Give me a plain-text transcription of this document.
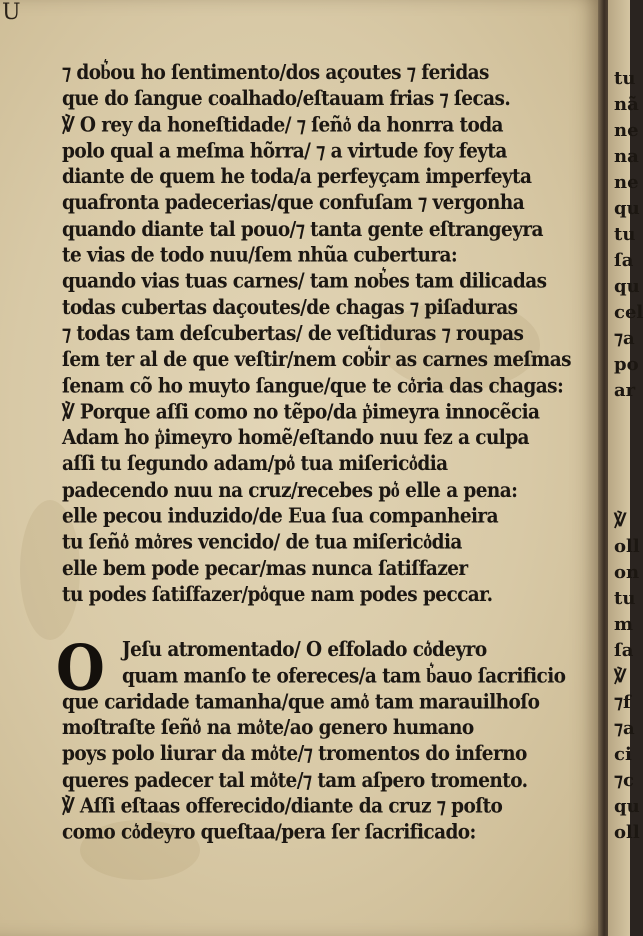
U
⁊ dob͛ou ho ſentimento/dos açoutes ⁊ feridas
que do ſangue coalhado/eſtauam frias ⁊ ſecas.
℣ O rey da honeſtidade/ ⁊ ſeño͛ da honrra toda
polo qual a meſma hõrra/ ⁊ a virtude foy feyta
diante de quem he toda/a perfeyçam imperfeyta
quafronta padecerias/que confuſam ⁊ vergonha
quando diante tal pouo/⁊ tanta gente eſtrangeyra
te vias de todo nuu/ſem nhũa cubertura:
quando vias tuas carnes/ tam nob͛es tam dilicadas
todas cubertas daçoutes/de chagas ⁊ piſaduras
⁊ todas tam deſcubertas/ de veſtiduras ⁊ roupas
ſem ter al de que veſtir/nem cob͛ir as carnes meſmas
ſenam cõ ho muyto ſangue/que te co͛ria das chagas:
℣ Porque aſſi como no tẽpo/da p͛imeyra innocẽcia
Adam ho p͛imeyro homẽ/eſtando nuu fez a culpa
aſſi tu ſegundo adam/po͛ tua miſerico͛dia
padecendo nuu na cruz/recebes po͛ elle a pena:
elle pecou induzido/de Eua ſua companheira
tu ſeño͛ mo͛res vencido/ de tua miſerico͛dia
elle bem pode pecar/mas nunca ſatiſfazer
tu podes ſatiſfazer/po͛que nam podes peccar.
O Jeſu atromentado/ O eſfolado co͛deyro
quam manſo te ofereces/a tam b͛auo ſacrificio
que caridade tamanha/que amo͛ tam marauilhoſo
moſtraſte ſeño͛ na mo͛te/ao genero humano
poys polo liurar da mo͛te/⁊ tromentos do inferno
queres padecer tal mo͛te/⁊ tam aſpero tromento.
℣ Aſſi eſtaas offerecido/diante da cruz ⁊ poſto
como co͛deyro queſtaa/pera ſer ſacrificado:
tu
nã
ne
na
ne
qu
tu
ſa
qu
cel
⁊a
po
ar
℣
oll
on
tu
m
ſa
℣
⁊f
⁊a
ci
⁊c
qu
oll
